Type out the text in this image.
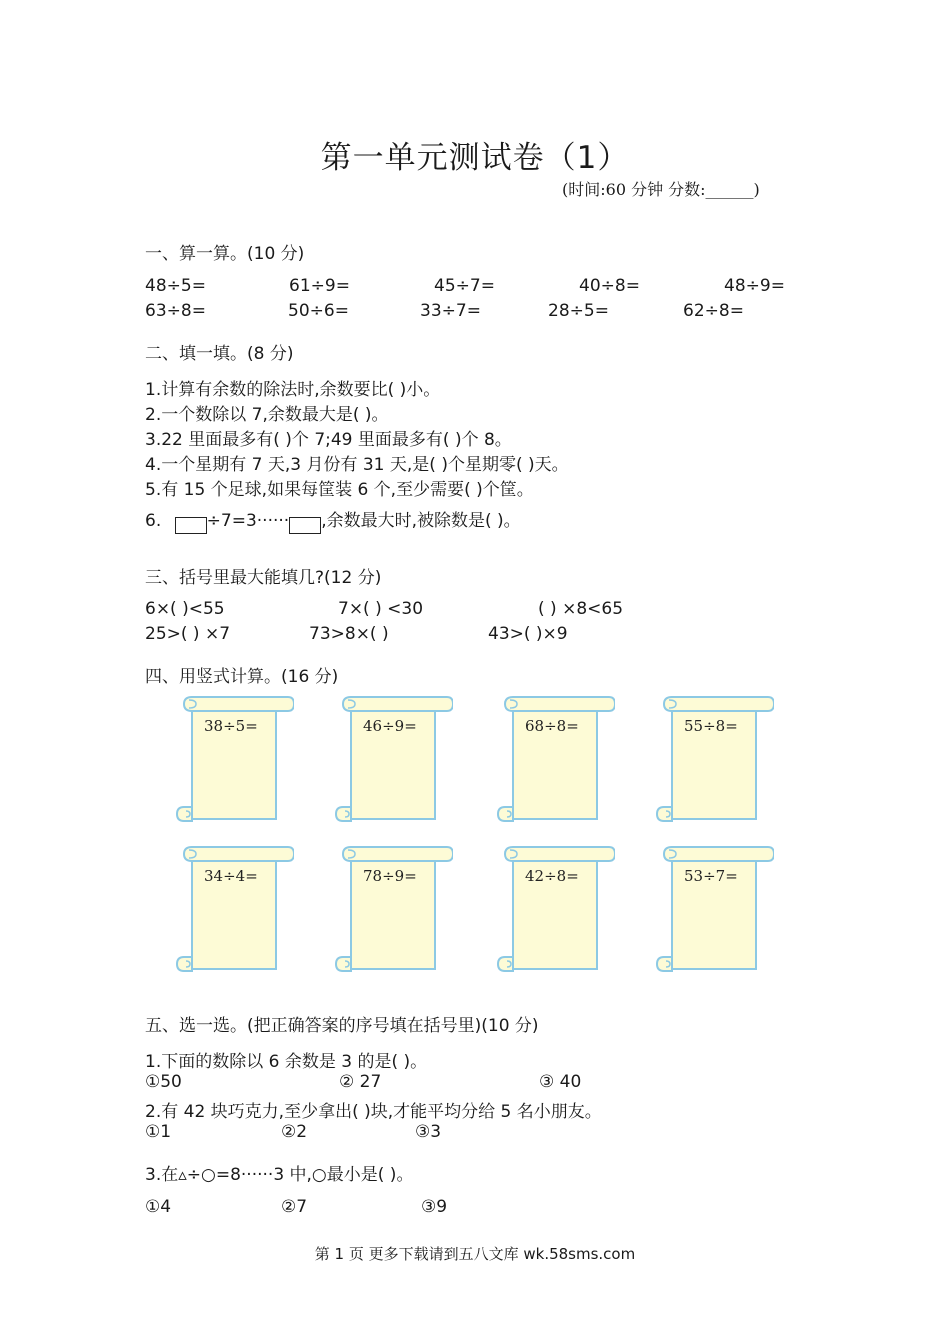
第一单元测试卷（1）
(时间:60 分钟 分数:______)
一、算一算。(10 分)
48÷5=	61÷9=	45÷7=	40÷8=	48÷9=
63÷8=	50÷6=	33÷7=	28÷5=	62÷8=
二、填一填。(8 分)
1.计算有余数的除法时,余数要比( )小。
2.一个数除以 7,余数最大是( )。
3.22 里面最多有( )个 7;49 里面最多有( )个 8。
4.一个星期有 7 天,3 月份有 31 天,是( )个星期零( )天。
5.有 15 个足球,如果每筐装 6 个,至少需要( )个筐。
6.	÷7=3······ ,余数最大时,被除数是( )。
三、括号里最大能填几?(12 分)
6×( )<55	7×( ) <30	( ) ×8<65
25>( ) ×7	73>8×( )	43>( )×9
四、用竖式计算。(16 分)
38÷5=	46÷9=	68÷8=	55÷8=
34÷4=	78÷9=	42÷8=	53÷7=
五、选一选。(把正确答案的序号填在括号里)(10 分)
1.下面的数除以 6 余数是 3 的是( )。
①50	② 27	③ 40
2.有 42 块巧克力,至少拿出( )块,才能平均分给 5 名小朋友。
①1	②2	③3
3.在▵÷○=8······3 中,○最小是( )。
①4	②7	③9
第 1 页 更多下载请到五八文库 wk.58sms.com
